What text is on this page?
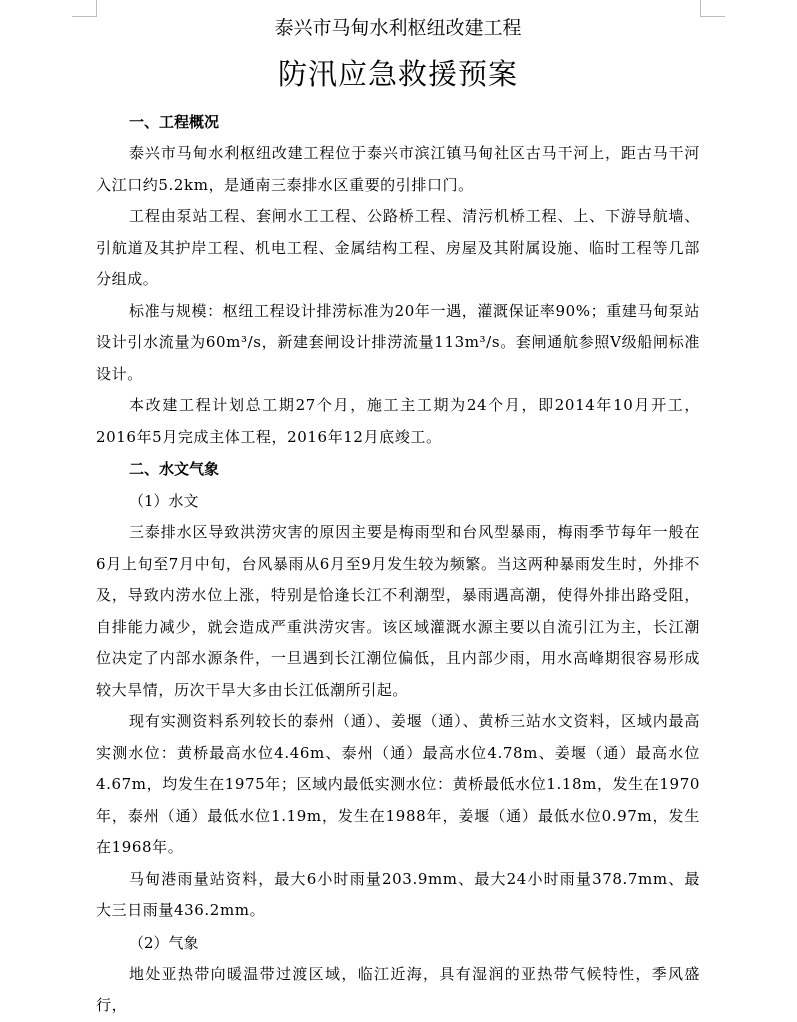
泰兴市马甸水利枢纽改建工程
防汛应急救援预案
一、工程概况

泰兴市马甸水利枢纽改建工程位于泰兴市滨江镇马甸社区古马干河上，距古马干河入江口约5.2km，是通南三泰排水区重要的引排口门。

工程由泵站工程、套闸水工工程、公路桥工程、清污机桥工程、上、下游导航墙、引航道及其护岸工程、机电工程、金属结构工程、房屋及其附属设施、临时工程等几部分组成。

标准与规模：枢纽工程设计排涝标准为20年一遇，灌溉保证率90%；重建马甸泵站设计引水流量为60m³/s，新建套闸设计排涝流量113m³/s。套闸通航参照V级船闸标准设计。

本改建工程计划总工期27个月，施工主工期为24个月，即2014年10月开工，2016年5月完成主体工程，2016年12月底竣工。

二、水文气象
（1）水文

三泰排水区导致洪涝灾害的原因主要是梅雨型和台风型暴雨，梅雨季节每年一般在6月上旬至7月中旬，台风暴雨从6月至9月发生较为频繁。当这两种暴雨发生时，外排不及，导致内涝水位上涨，特别是恰逢长江不利潮型，暴雨遇高潮，使得外排出路受阻，自排能力减少，就会造成严重洪涝灾害。该区域灌溉水源主要以自流引江为主，长江潮位决定了内部水源条件，一旦遇到长江潮位偏低，且内部少雨，用水高峰期很容易形成较大旱情，历次干旱大多由长江低潮所引起。

现有实测资料系列较长的泰州（通）、姜堰（通）、黄桥三站水文资料，区域内最高实测水位：黄桥最高水位4.46m、泰州（通）最高水位4.78m、姜堰（通）最高水位4.67m，均发生在1975年；区域内最低实测水位：黄桥最低水位1.18m，发生在1970年，泰州（通）最低水位1.19m，发生在1988年，姜堰（通）最低水位0.97m，发生在1968年。

马甸港雨量站资料，最大6小时雨量203.9mm、最大24小时雨量378.7mm、最大三日雨量436.2mm。

（2）气象

地处亚热带向暖温带过渡区域，临江近海，具有湿润的亚热带气候特性，季风盛行，
